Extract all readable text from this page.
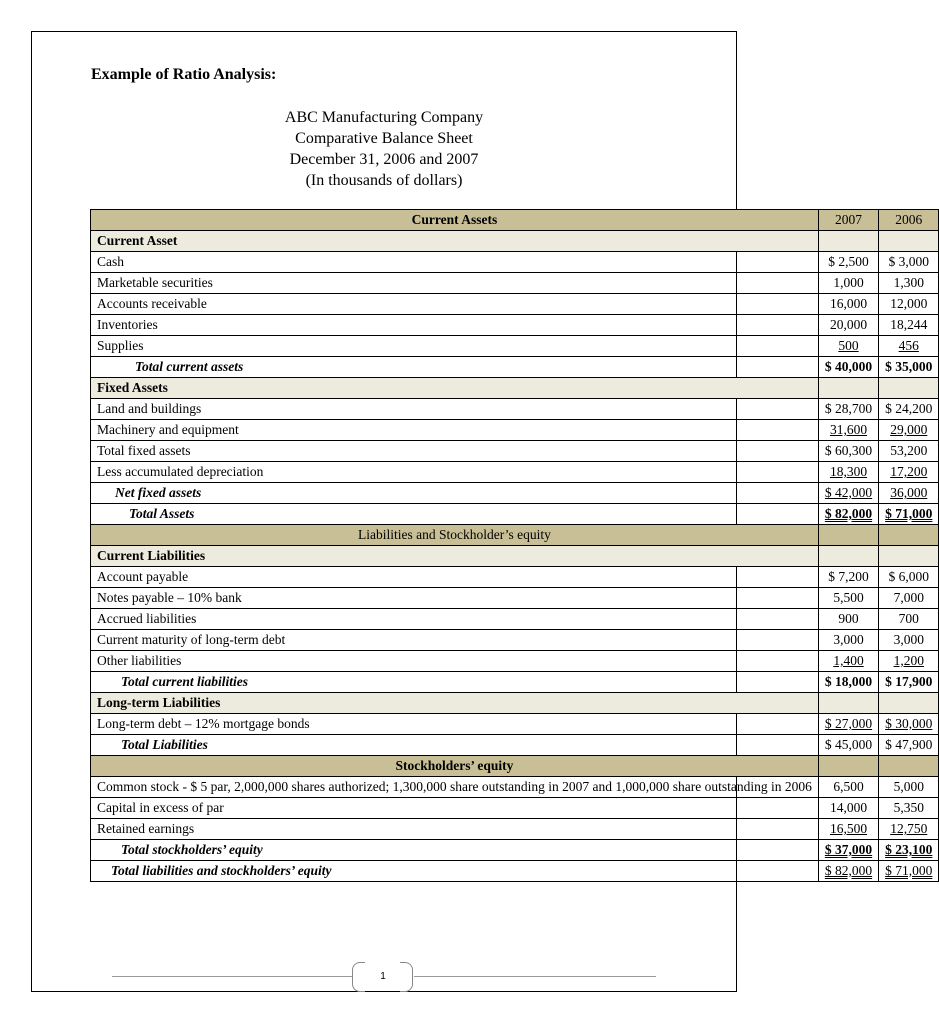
Example of Ratio Analysis:
ABC Manufacturing Company
Comparative Balance Sheet
December 31, 2006 and 2007
(In thousands of dollars)
Current Assets	2007	2006
Current Asset		
Cash	$ 2,500	$ 3,000
Marketable securities	1,000	1,300
Accounts receivable	16,000	12,000
Inventories	20,000	18,244
Supplies	500	456
Total current assets	$ 40,000	$ 35,000
Fixed Assets		
Land and buildings	$ 28,700	$ 24,200
Machinery and equipment	31,600	29,000
Total fixed assets	$ 60,300	53,200
Less accumulated depreciation	18,300	17,200
Net fixed assets	$ 42,000	36,000
Total Assets	$ 82,000	$ 71,000
Liabilities and Stockholder’s equity		
Current Liabilities		
Account payable	$ 7,200	$ 6,000
Notes payable – 10% bank	5,500	7,000
Accrued liabilities	900	700
Current maturity of long-term debt	3,000	3,000
Other liabilities	1,400	1,200
Total current liabilities	$ 18,000	$ 17,900
Long-term Liabilities		
Long-term debt – 12% mortgage bonds	$ 27,000	$ 30,000
Total Liabilities	$ 45,000	$ 47,900
Stockholders’ equity		
Common stock - $ 5 par, 2,000,000 shares authorized; 1,300,000 share outstanding in 2007 and 1,000,000 share outstanding in 2006	6,500	5,000
Capital in excess of par	14,000	5,350
Retained earnings	16,500	12,750
Total stockholders’ equity	$ 37,000	$ 23,100
Total liabilities and stockholders’ equity	$ 82,000	$ 71,000
1
